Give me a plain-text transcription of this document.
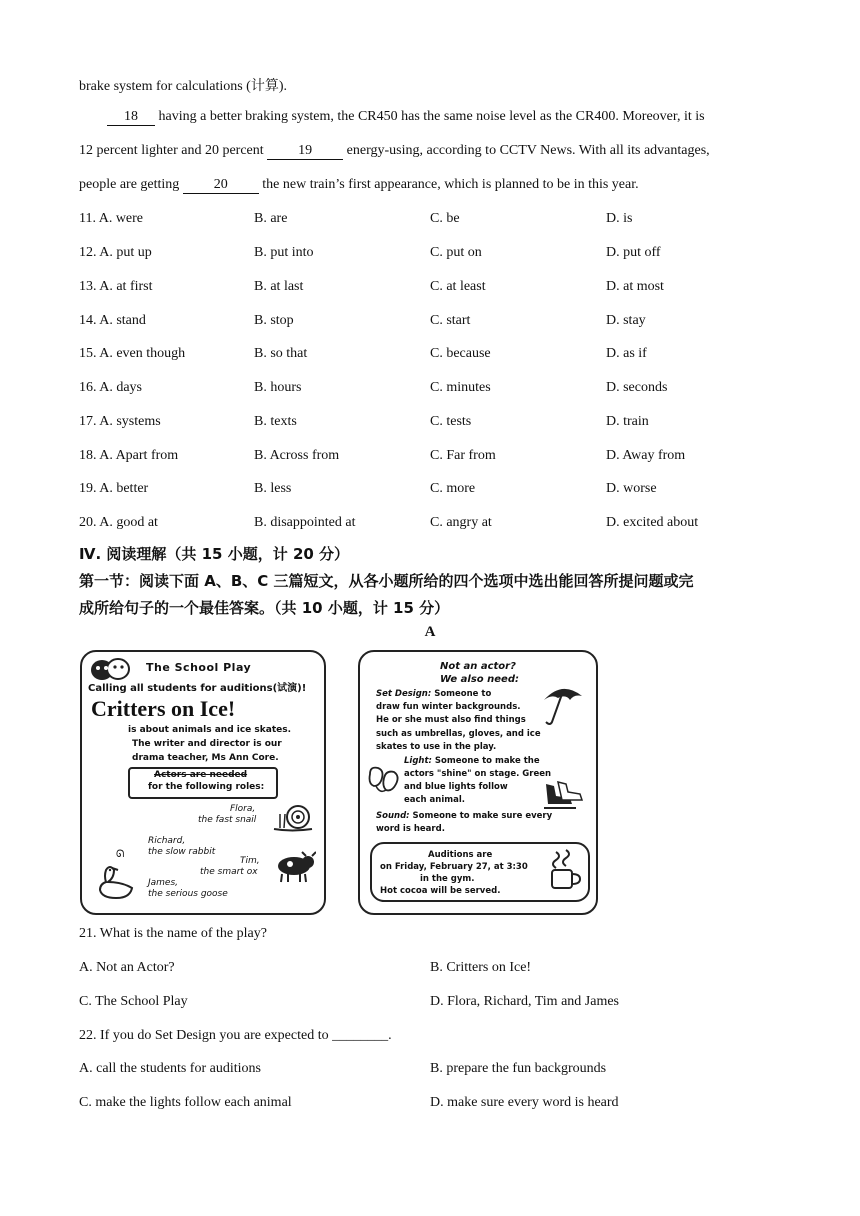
brake system for calculations (计算).
18 having a better braking system, the CR450 has the same noise level as the CR400. Moreover, it is
12 percent lighter and 20 percent 19 energy-using, according to CCTV News. With all its advantages,
people are getting 20 the new train’s first appearance, which is planned to be in this year.
11. A. were	B. are	C. be	D. is
12. A. put up	B. put into	C. put on	D. put off
13. A. at first	B. at last	C. at least	D. at most
14. A. stand	B. stop	C. start	D. stay
15. A. even though	B. so that	C. because	D. as if
16. A. days	B. hours	C. minutes	D. seconds
17. A. systems	B. texts	C. tests	D. train
18. A. Apart from	B. Across from	C. Far from	D. Away from
19. A. better	B. less	C. more	D. worse
20. A. good at	B. disappointed at	C. angry at	D. excited about
Ⅳ. 阅读理解（共 15 小题，计 20 分）
第一节：阅读下面 A、B、C 三篇短文，从各小题所给的四个选项中选出能回答所提问题或完
成所给句子的一个最佳答案。（共 10 小题，计 15 分）
A
The School Play
Calling all students for auditions(试演)!
Critters on Ice!
is about animals and ice skates.
The writer and director is our
drama teacher, Ms Ann Core.
Actors are needed
for the following roles:
Flora,
the fast snail
Richard,
the slow rabbit
ᘏ
Tim,
the smart ox
James,
the serious goose
Not an actor?
We also need:
Set Design: Someone to
draw fun winter backgrounds.
He or she must also find things
such as umbrellas, gloves, and ice
skates to use in the play.
Light: Someone to make the
actors "shine" on stage. Green
and blue lights follow
each animal.
Sound: Someone to make sure every
word is heard.
Auditions are
on Friday, February 27, at 3:30
in the gym.
Hot cocoa will be served.
21. What is the name of the play?
A. Not an Actor?	B. Critters on Ice!
C. The School Play	D. Flora, Richard, Tim and James
22. If you do Set Design you are expected to ________.
A. call the students for auditions	B. prepare the fun backgrounds
C. make the lights follow each animal	D. make sure every word is heard
